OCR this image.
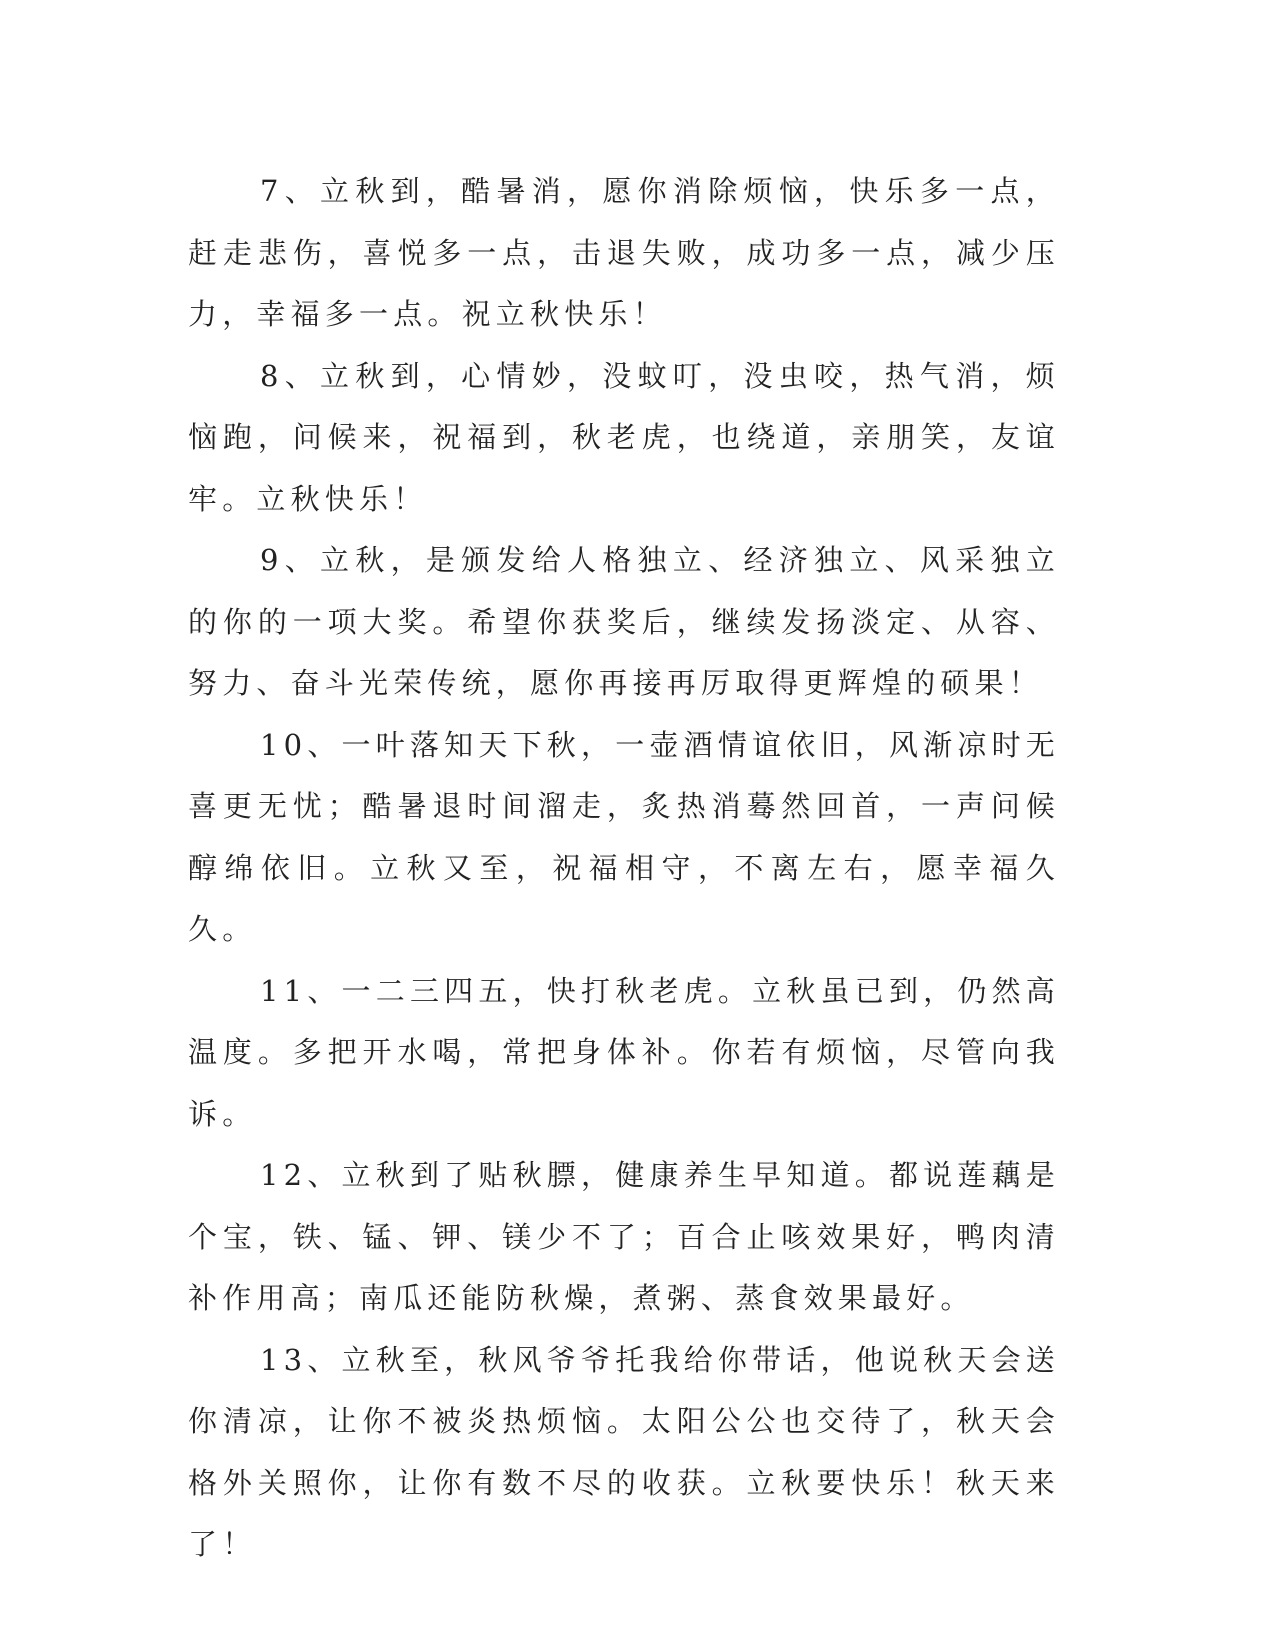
7、立秋到，酷暑消，愿你消除烦恼，快乐多一点，赶走悲伤，喜悦多一点，击退失败，成功多一点，减少压力，幸福多一点。祝立秋快乐！

8、立秋到，心情妙，没蚊叮，没虫咬，热气消，烦恼跑，问候来，祝福到，秋老虎，也绕道，亲朋笑，友谊牢。立秋快乐！

9、立秋，是颁发给人格独立、经济独立、风采独立的你的一项大奖。希望你获奖后，继续发扬淡定、从容、努力、奋斗光荣传统，愿你再接再厉取得更辉煌的硕果！

10、一叶落知天下秋，一壶酒情谊依旧，风渐凉时无喜更无忧；酷暑退时间溜走，炙热消蓦然回首，一声问候醇绵依旧。立秋又至，祝福相守，不离左右，愿幸福久久。

11、一二三四五，快打秋老虎。立秋虽已到，仍然高温度。多把开水喝，常把身体补。你若有烦恼，尽管向我诉。

12、立秋到了贴秋膘，健康养生早知道。都说莲藕是个宝，铁、锰、钾、镁少不了；百合止咳效果好，鸭肉清补作用高；南瓜还能防秋燥，煮粥、蒸食效果最好。

13、立秋至，秋风爷爷托我给你带话，他说秋天会送你清凉，让你不被炎热烦恼。太阳公公也交待了，秋天会格外关照你，让你有数不尽的收获。立秋要快乐！秋天来了！
